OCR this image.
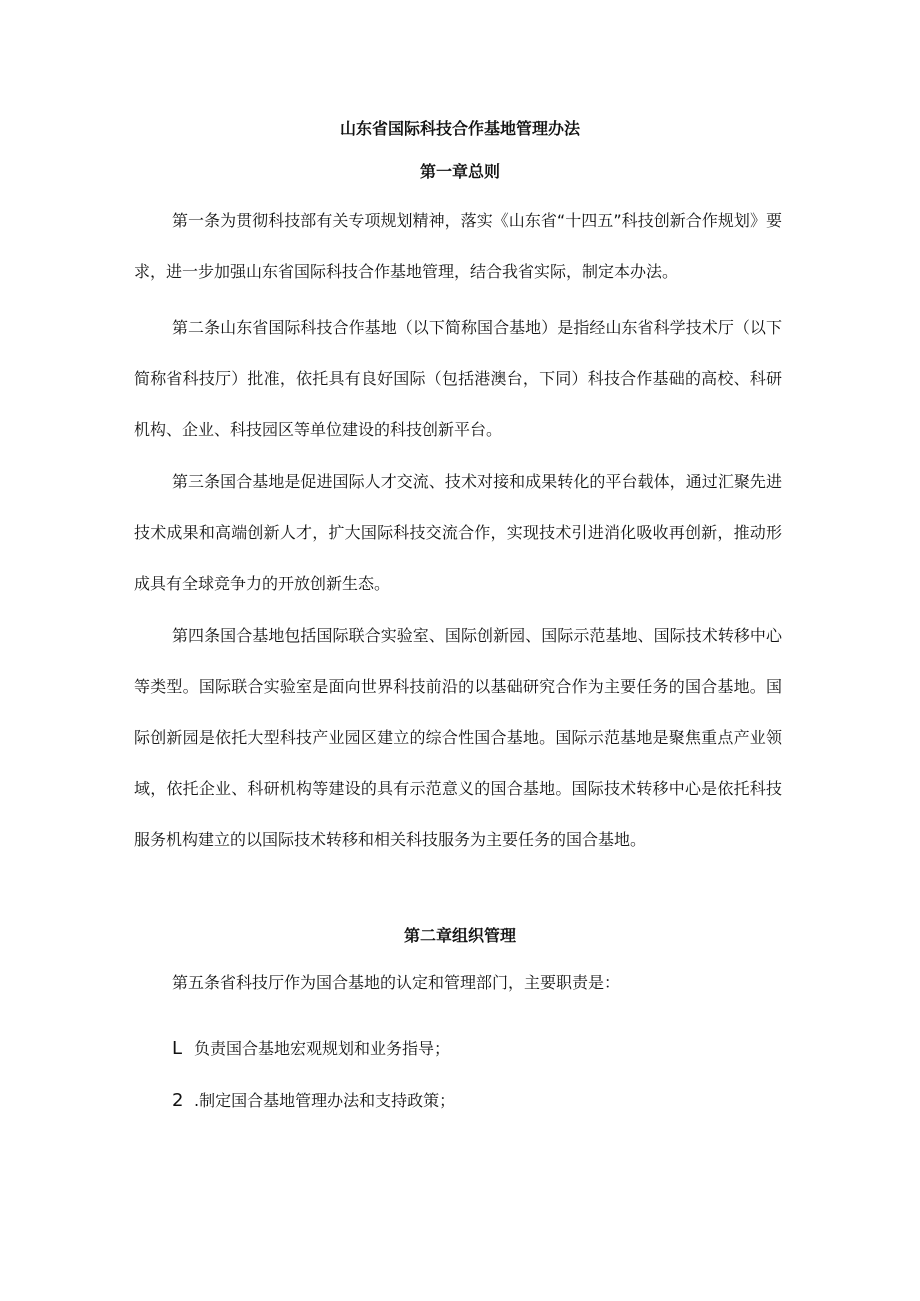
山东省国际科技合作基地管理办法
第一章总则
第一条为贯彻科技部有关专项规划精神，落实《山东省“十四五”科技创新合作规划》要求，进一步加强山东省国际科技合作基地管理，结合我省实际，制定本办法。
第二条山东省国际科技合作基地（以下简称国合基地）是指经山东省科学技术厅（以下简称省科技厅）批准，依托具有良好国际（包括港澳台，下同）科技合作基础的高校、科研机构、企业、科技园区等单位建设的科技创新平台。
第三条国合基地是促进国际人才交流、技术对接和成果转化的平台载体，通过汇聚先进技术成果和高端创新人才，扩大国际科技交流合作，实现技术引进消化吸收再创新，推动形成具有全球竞争力的开放创新生态。
第四条国合基地包括国际联合实验室、国际创新园、国际示范基地、国际技术转移中心等类型。国际联合实验室是面向世界科技前沿的以基础研究合作为主要任务的国合基地。国际创新园是依托大型科技产业园区建立的综合性国合基地。国际示范基地是聚焦重点产业领域，依托企业、科研机构等建设的具有示范意义的国合基地。国际技术转移中心是依托科技服务机构建立的以国际技术转移和相关科技服务为主要任务的国合基地。
第二章组织管理
第五条省科技厅作为国合基地的认定和管理部门，主要职责是：
L 负责国合基地宏观规划和业务指导；
2 .制定国合基地管理办法和支持政策；
